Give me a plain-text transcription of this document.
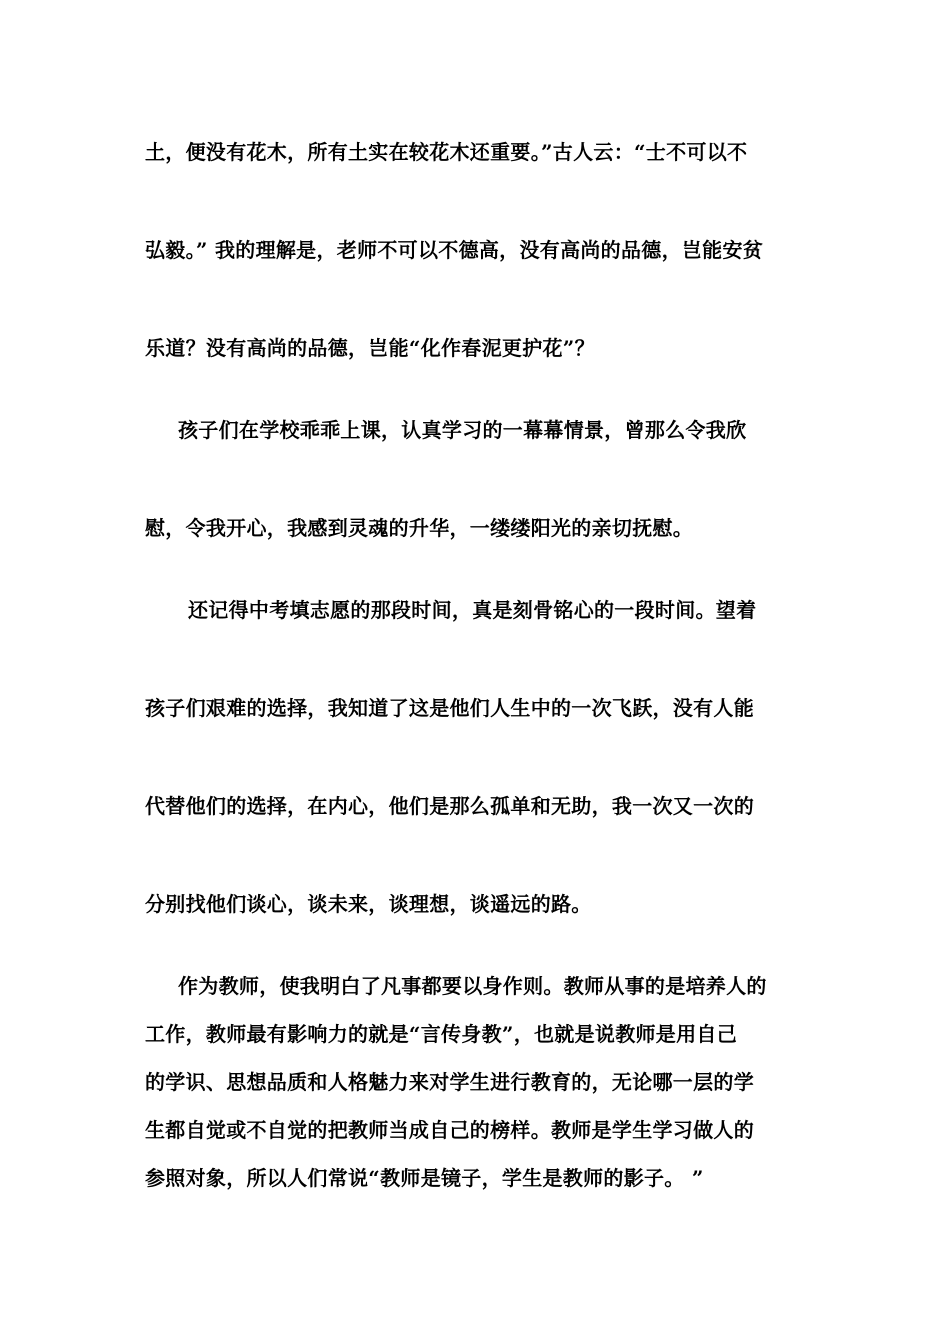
土，便没有花木，所有土实在较花木还重要。”古人云：“士不可以不
弘毅。” 我的理解是，老师不可以不德高，没有高尚的品德，岂能安贫
乐道？没有高尚的品德，岂能“化作春泥更护花”？
孩子们在学校乖乖上课，认真学习的一幕幕情景，曾那么令我欣
慰，令我开心，我感到灵魂的升华，一缕缕阳光的亲切抚慰。
还记得中考填志愿的那段时间，真是刻骨铭心的一段时间。望着
孩子们艰难的选择，我知道了这是他们人生中的一次飞跃，没有人能
代替他们的选择，在内心，他们是那么孤单和无助，我一次又一次的
分别找他们谈心，谈未来，谈理想，谈遥远的路。
作为教师，使我明白了凡事都要以身作则。教师从事的是培养人的
工作，教师最有影响力的就是“言传身教”，也就是说教师是用自己
的学识、思想品质和人格魅力来对学生进行教育的，无论哪一层的学
生都自觉或不自觉的把教师当成自己的榜样。教师是学生学习做人的
参照对象，所以人们常说“教师是镜子，学生是教师的影子。 ”
